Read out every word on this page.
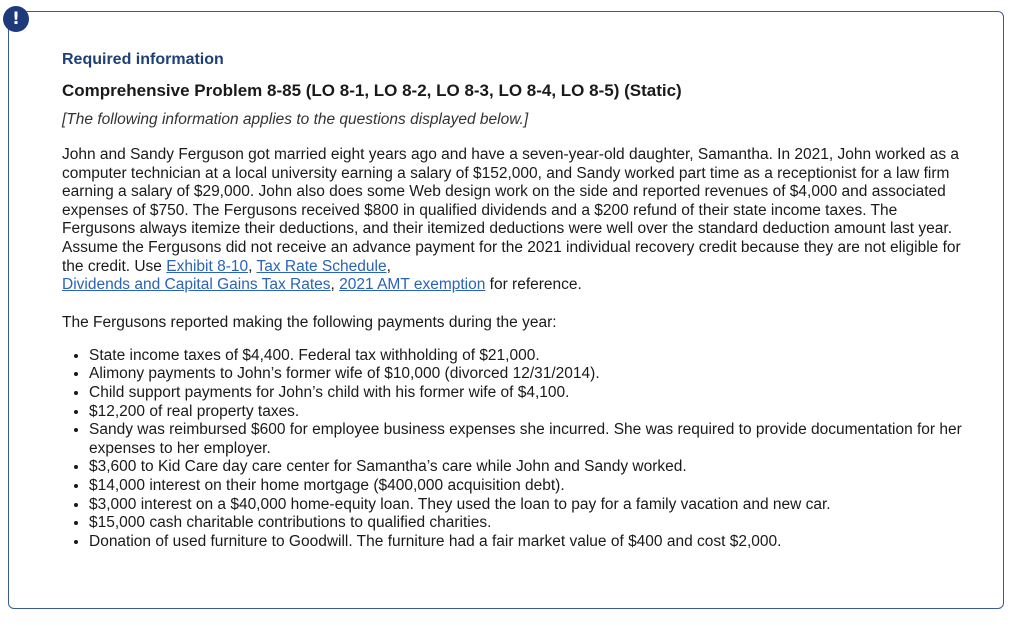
!

Required information

Comprehensive Problem 8-85 (LO 8-1, LO 8-2, LO 8-3, LO 8-4, LO 8-5) (Static)

[The following information applies to the questions displayed below.]

John and Sandy Ferguson got married eight years ago and have a seven-year-old daughter, Samantha. In 2021, John worked as a computer technician at a local university earning a salary of $152,000, and Sandy worked part time as a receptionist for a law firm earning a salary of $29,000. John also does some Web design work on the side and reported revenues of $4,000 and associated expenses of $750. The Fergusons received $800 in qualified dividends and a $200 refund of their state income taxes. The Fergusons always itemize their deductions, and their itemized deductions were well over the standard deduction amount last year. Assume the Fergusons did not receive an advance payment for the 2021 individual recovery credit because they are not eligible for the credit. Use Exhibit 8-10, Tax Rate Schedule,
Dividends and Capital Gains Tax Rates, 2021 AMT exemption for reference.

The Fergusons reported making the following payments during the year:

• State income taxes of $4,400. Federal tax withholding of $21,000.
• Alimony payments to John’s former wife of $10,000 (divorced 12/31/2014).
• Child support payments for John’s child with his former wife of $4,100.
• $12,200 of real property taxes.
• Sandy was reimbursed $600 for employee business expenses she incurred. She was required to provide documentation for her expenses to her employer.
• $3,600 to Kid Care day care center for Samantha’s care while John and Sandy worked.
• $14,000 interest on their home mortgage ($400,000 acquisition debt).
• $3,000 interest on a $40,000 home-equity loan. They used the loan to pay for a family vacation and new car.
• $15,000 cash charitable contributions to qualified charities.
• Donation of used furniture to Goodwill. The furniture had a fair market value of $400 and cost $2,000.
